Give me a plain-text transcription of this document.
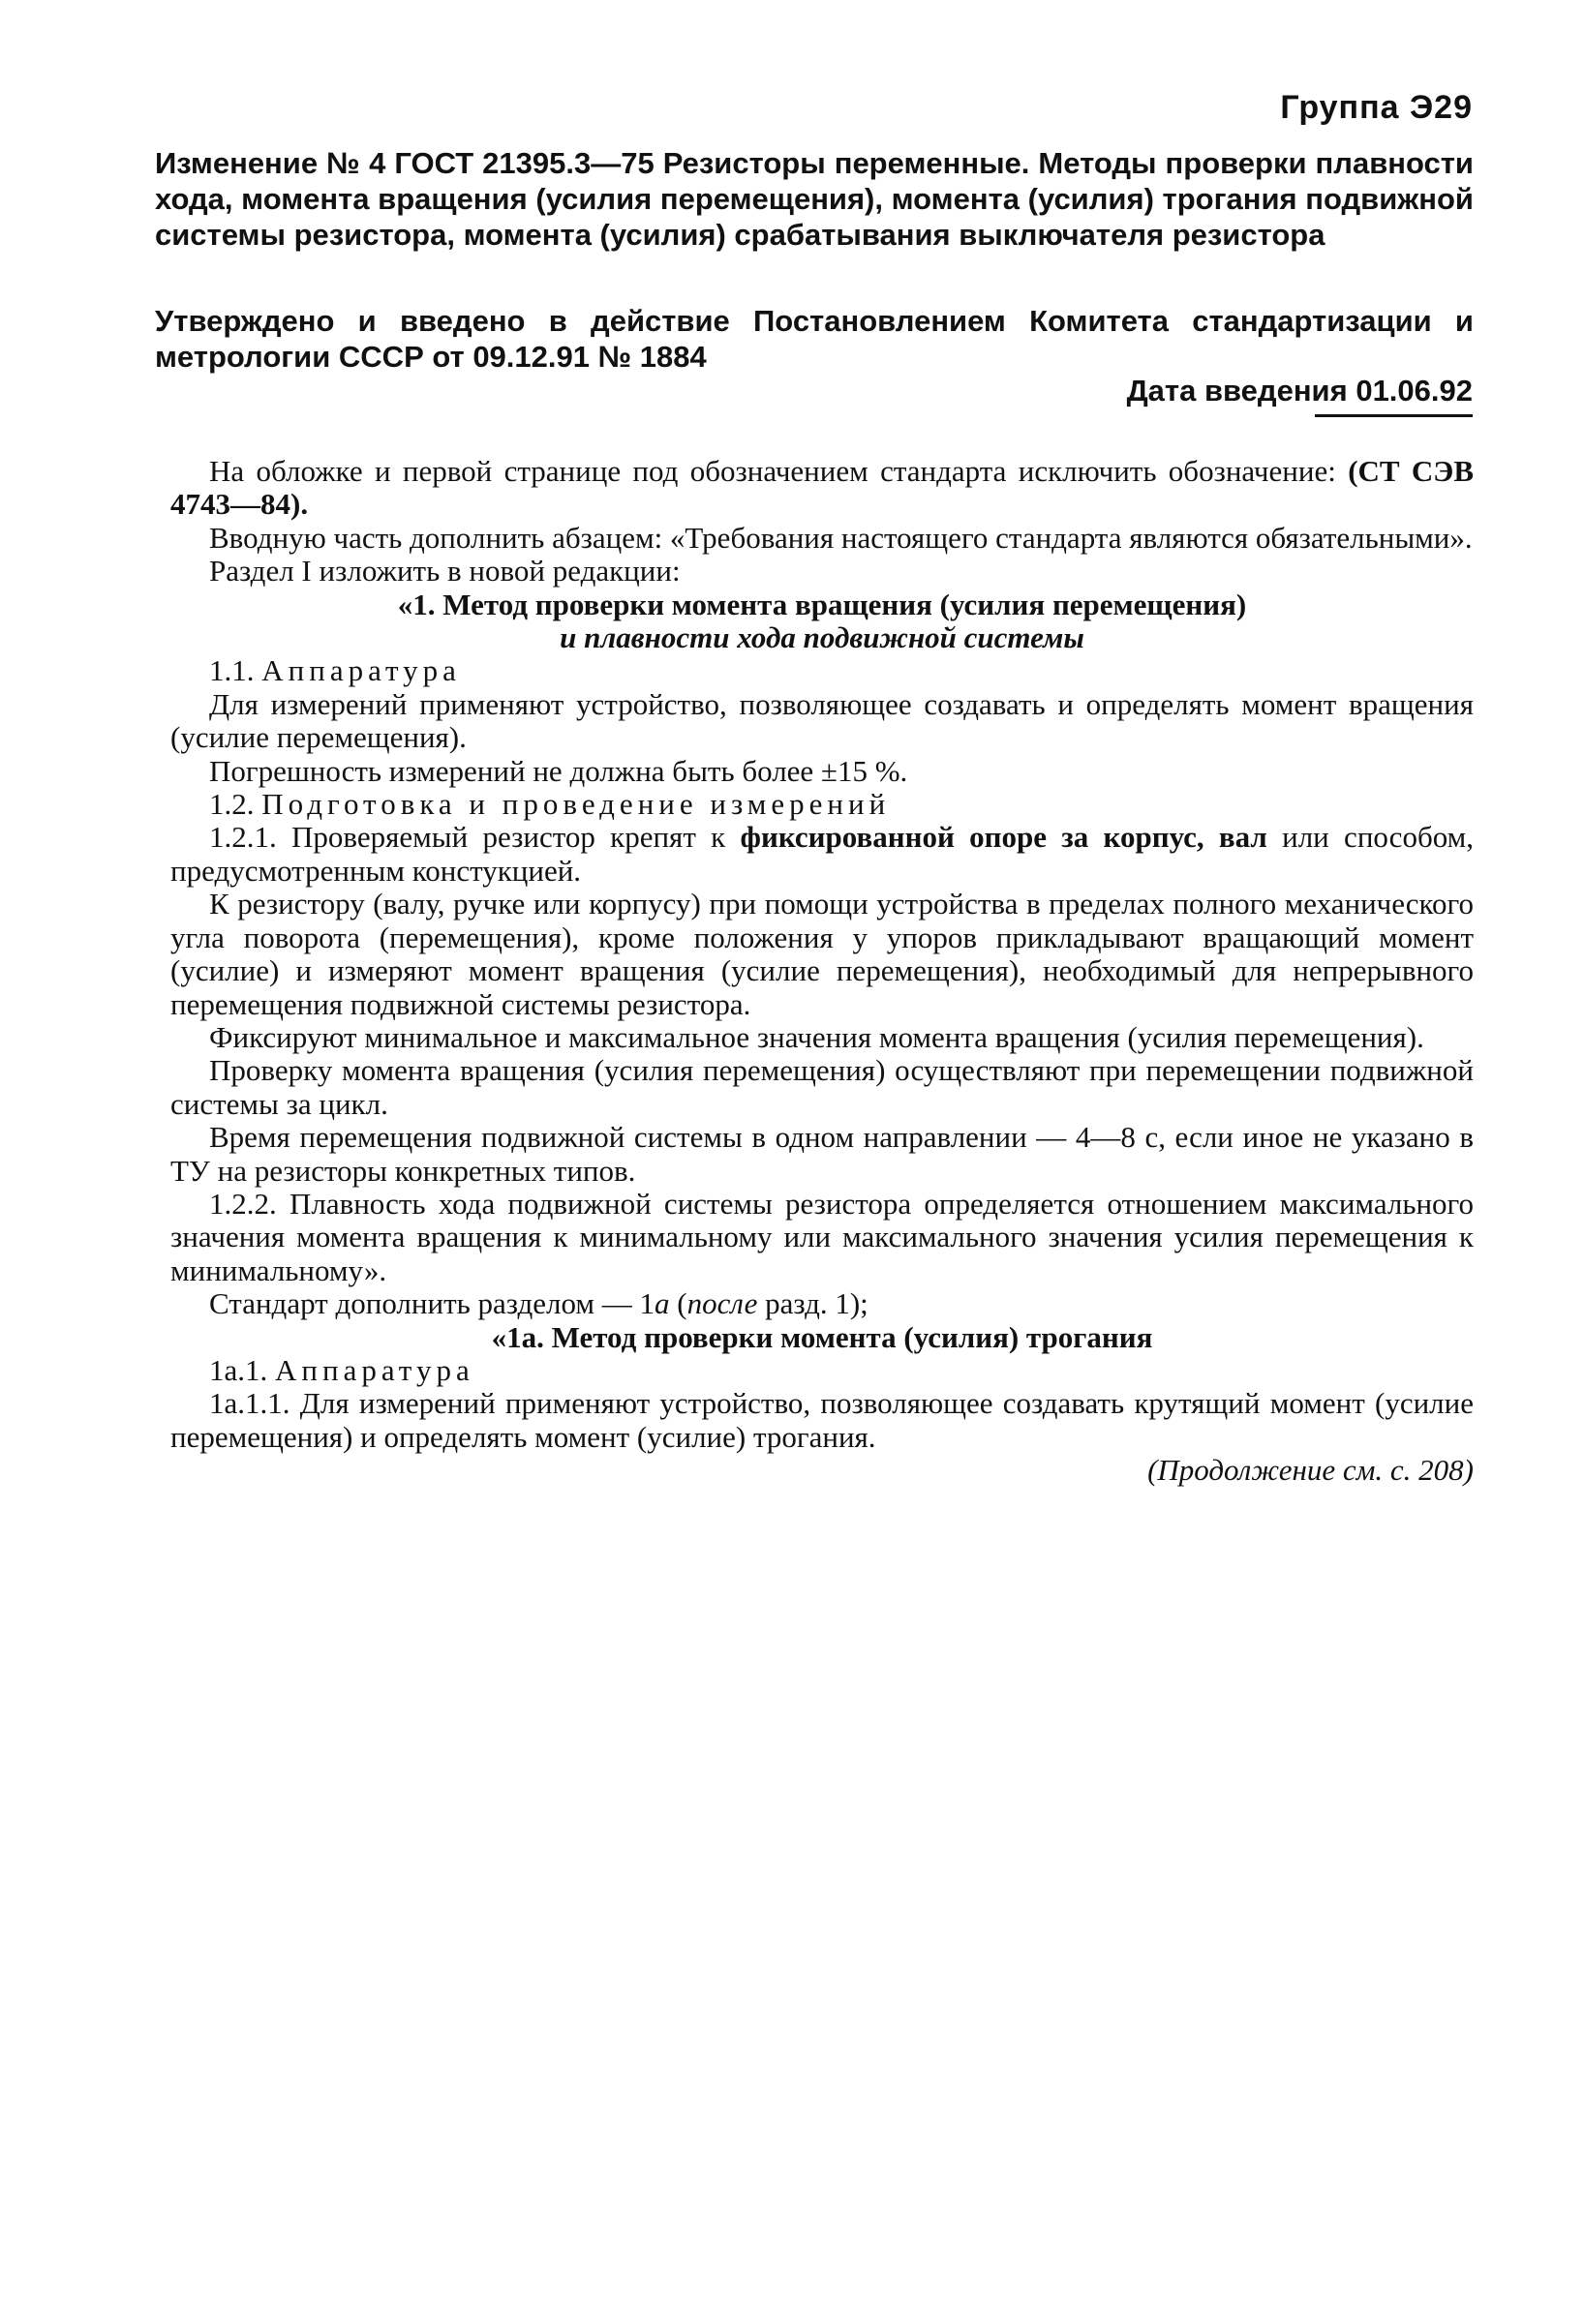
Группа Э29
Изменение № 4 ГОСТ 21395.3—75 Резисторы переменные. Методы проверки плавности хода, момента вращения (усилия перемещения), момента (усилия) трогания подвижной системы резистора, момента (усилия) срабатывания выключателя резистора
Утверждено и введено в действие Постановлением Комитета стандартизации и метрологии СССР от 09.12.91 № 1884
Дата введения 01.06.92

На обложке и первой странице под обозначением стандарта исключить обозначение: (СТ СЭВ 4743—84).

Вводную часть дополнить абзацем: «Требования настоящего стандарта являются обязательными».

Раздел I изложить в новой редакции:

«1. Метод проверки момента вращения (усилия перемещения)

и плавности хода подвижной системы

1.1. Аппаратура

Для измерений применяют устройство, позволяющее создавать и определять момент вращения (усилие перемещения).

Погрешность измерений не должна быть более ±15 %.

1.2. Подготовка и проведение измерений

1.2.1. Проверяемый резистор крепят к фиксированной опоре за корпус, вал или способом, предусмотренным констукцией.

К резистору (валу, ручке или корпусу) при помощи устройства в пределах полного механического угла поворота (перемещения), кроме положения у упоров прикладывают вращающий момент (усилие) и измеряют момент вращения (усилие перемещения), необходимый для непрерывного перемещения подвижной системы резистора.

Фиксируют минимальное и максимальное значения момента вращения (усилия перемещения).

Проверку момента вращения (усилия перемещения) осуществляют при перемещении подвижной системы за цикл.

Время перемещения подвижной системы в одном направлении — 4—8 с, если иное не указано в ТУ на резисторы конкретных типов.

1.2.2. Плавность хода подвижной системы резистора определяется отношением максимального значения момента вращения к минимальному или максимального значения усилия перемещения к минимальному».

Стандарт дополнить разделом — 1а (после разд. 1);

«1а. Метод проверки момента (усилия) трогания

1а.1. Аппаратура

1а.1.1. Для измерений применяют устройство, позволяющее создавать крутящий момент (усилие перемещения) и определять момент (усилие) трогания.

(Продолжение см. с. 208)
